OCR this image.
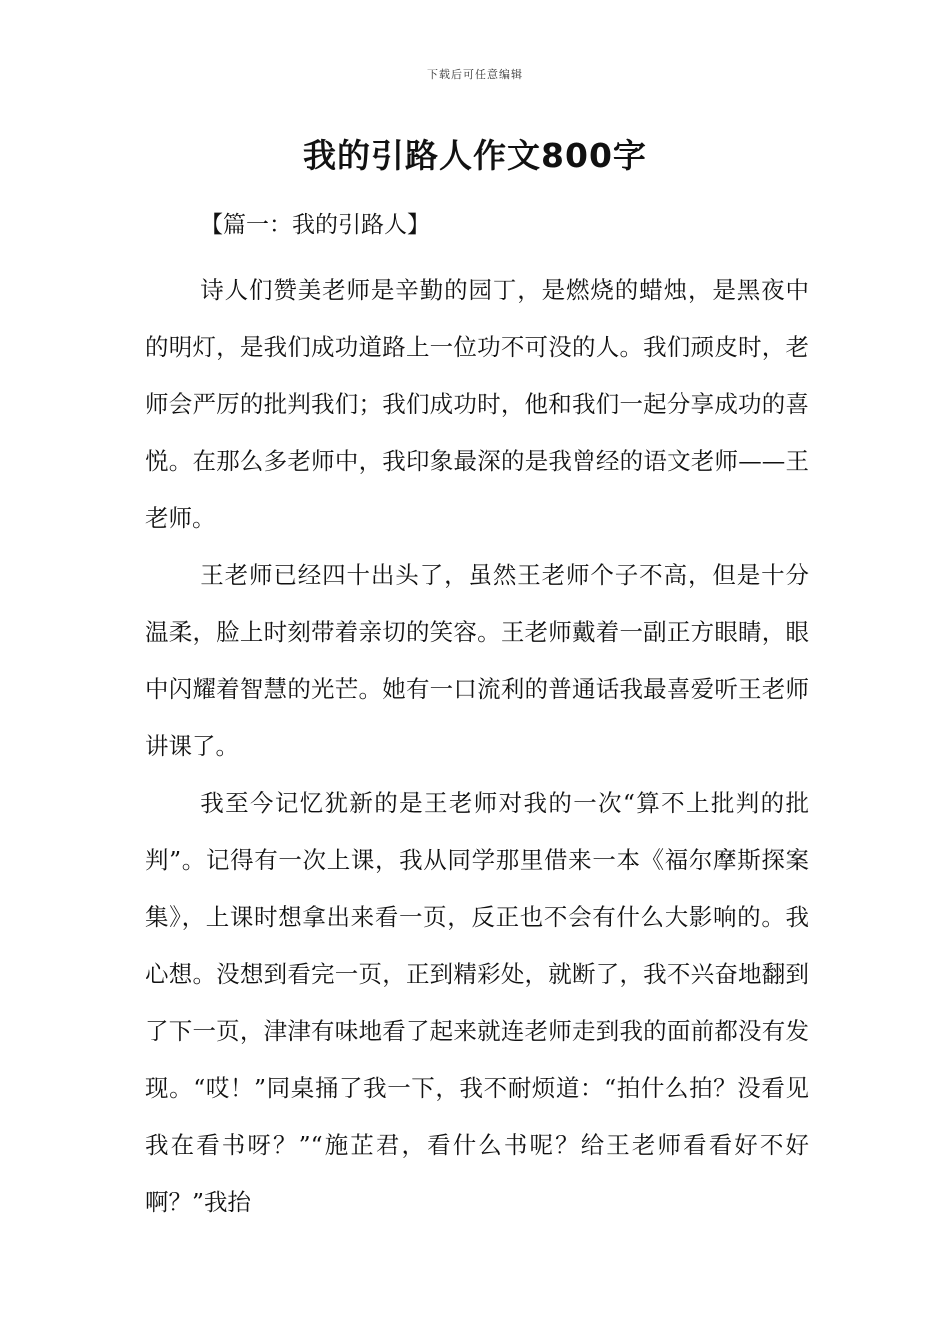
下载后可任意编辑
我的引路人作文800字
【篇一：我的引路人】

诗人们赞美老师是辛勤的园丁，是燃烧的蜡烛，是黑夜中的明灯，是我们成功道路上一位功不可没的人。我们顽皮时，老师会严厉的批判我们；我们成功时，他和我们一起分享成功的喜悦。在那么多老师中，我印象最深的是我曾经的语文老师——王老师。

王老师已经四十出头了，虽然王老师个子不高，但是十分温柔，脸上时刻带着亲切的笑容。王老师戴着一副正方眼睛，眼中闪耀着智慧的光芒。她有一口流利的普通话我最喜爱听王老师讲课了。

我至今记忆犹新的是王老师对我的一次“算不上批判的批判”。记得有一次上课，我从同学那里借来一本《福尔摩斯探案集》，上课时想拿出来看一页，反正也不会有什么大影响的。我心想。没想到看完一页，正到精彩处，就断了，我不兴奋地翻到了下一页，津津有味地看了起来就连老师走到我的面前都没有发现。“哎！”同桌捅了我一下，我不耐烦道：“拍什么拍？没看见我在看书呀？”“施芷君，看什么书呢？给王老师看看好不好啊？”我抬
